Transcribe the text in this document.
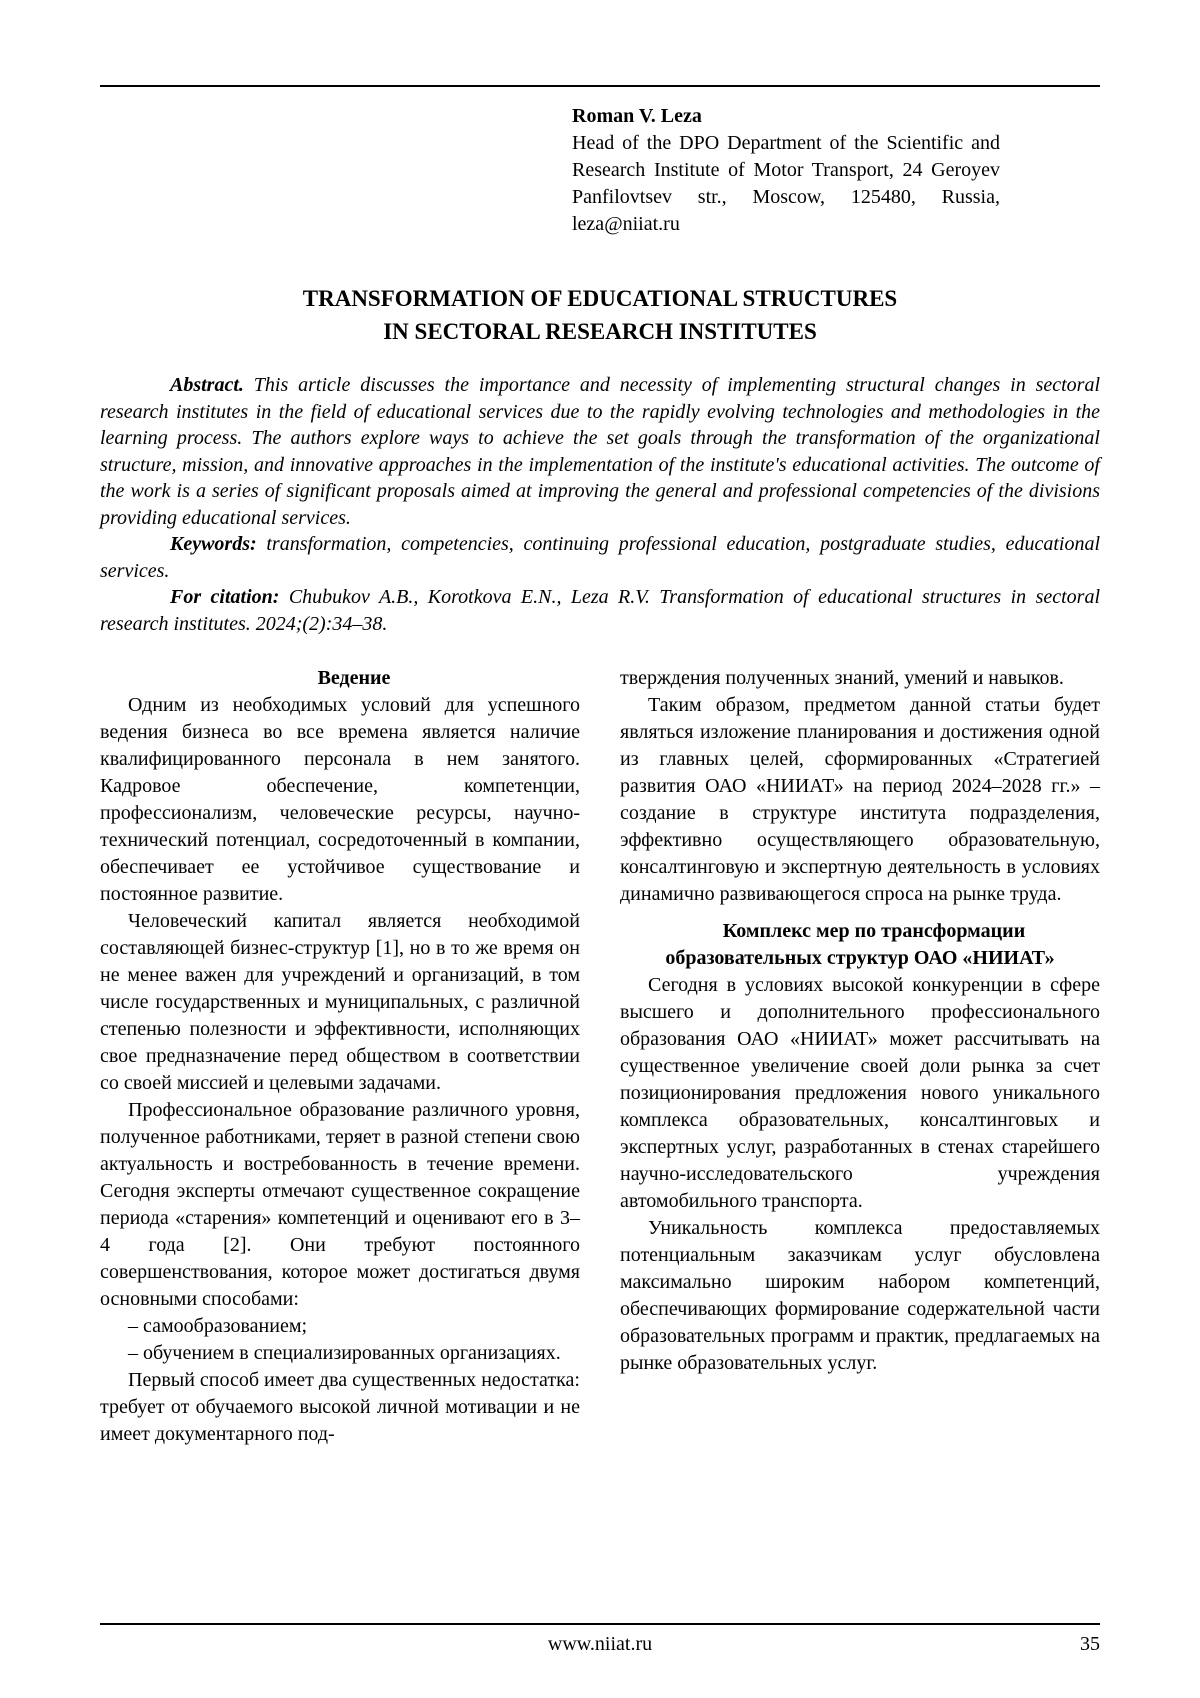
Roman V. Leza
Head of the DPO Department of the Scientific and Research Institute of Motor Transport, 24 Geroyev Panfilovtsev str., Moscow, 125480, Russia, leza@niiat.ru
TRANSFORMATION OF EDUCATIONAL STRUCTURES
IN SECTORAL RESEARCH INSTITUTES

Abstract. This article discusses the importance and necessity of implementing structural changes in sectoral research institutes in the field of educational services due to the rapidly evolving technologies and methodologies in the learning process. The authors explore ways to achieve the set goals through the transformation of the organizational structure, mission, and innovative approaches in the implementation of the institute's educational activities. The outcome of the work is a series of significant proposals aimed at improving the general and professional competencies of the divisions providing educational services.

Keywords: transformation, competencies, continuing professional education, postgraduate studies, educational services.

For citation: Chubukov A.B., Korotkova E.N., Leza R.V. Transformation of educational structures in sectoral research institutes. 2024;(2):34–38.

Ведение

Одним из необходимых условий для успешного ведения бизнеса во все времена является наличие квалифицированного персонала в нем занятого. Кадровое обеспечение, компетенции, профессионализм, человеческие ресурсы, научно-технический потенциал, сосредоточенный в компании, обеспечивает ее устойчивое существование и постоянное развитие.

Человеческий капитал является необходимой составляющей бизнес-структур [1], но в то же время он не менее важен для учреждений и организаций, в том числе государственных и муниципальных, с различной степенью полезности и эффективности, исполняющих свое предназначение перед обществом в соответствии со своей миссией и целевыми задачами.

Профессиональное образование различного уровня, полученное работниками, теряет в разной степени свою актуальность и востребованность в течение времени. Сегодня эксперты отмечают существенное сокращение периода «старения» компетенций и оценивают его в 3–4 года [2]. Они требуют постоянного совершенствования, которое может достигаться двумя основными способами:

– самообразованием;

– обучением в специализированных организациях.

Первый способ имеет два существенных недостатка: требует от обучаемого высокой личной мотивации и не имеет документарного под-

тверждения полученных знаний, умений и навыков.

Таким образом, предметом данной статьи будет являться изложение планирования и достижения одной из главных целей, сформированных «Стратегией развития ОАО «НИИАТ» на период 2024–2028 гг.» – создание в структуре института подразделения, эффективно осуществляющего образовательную, консалтинговую и экспертную деятельность в условиях динамично развивающегося спроса на рынке труда.

Комплекс мер по трансформации образовательных структур ОАО «НИИАТ»

Сегодня в условиях высокой конкуренции в сфере высшего и дополнительного профессионального образования ОАО «НИИАТ» может рассчитывать на существенное увеличение своей доли рынка за счет позиционирования предложения нового уникального комплекса образовательных, консалтинговых и экспертных услуг, разработанных в стенах старейшего научно-исследовательского учреждения автомобильного транспорта.

Уникальность комплекса предоставляемых потенциальным заказчикам услуг обусловлена максимально широким набором компетенций, обеспечивающих формирование содержательной части образовательных программ и практик, предлагаемых на рынке образовательных услуг.

www.niiat.ru	35
